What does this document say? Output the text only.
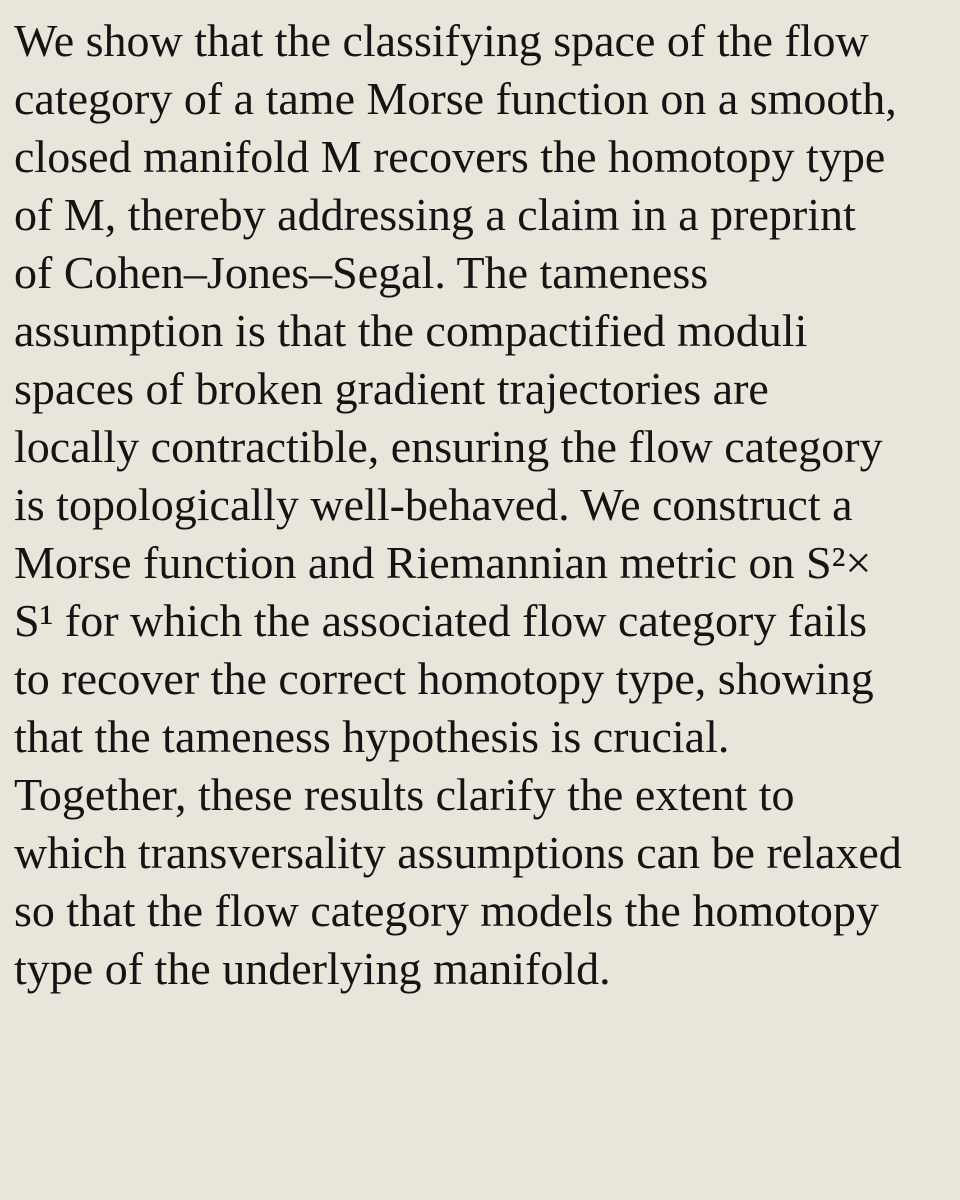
We show that the classifying space of the flow
category of a tame Morse function on a smooth,
closed manifold M recovers the homotopy type
of M, thereby addressing a claim in a preprint
of Cohen–Jones–Segal. The tameness
assumption is that the compactified moduli
spaces of broken gradient trajectories are
locally contractible, ensuring the flow category
is topologically well-behaved. We construct a
Morse function and Riemannian metric on S²×
S¹ for which the associated flow category fails
to recover the correct homotopy type, showing
that the tameness hypothesis is crucial.
Together, these results clarify the extent to
which transversality assumptions can be relaxed
so that the flow category models the homotopy
type of the underlying manifold.
